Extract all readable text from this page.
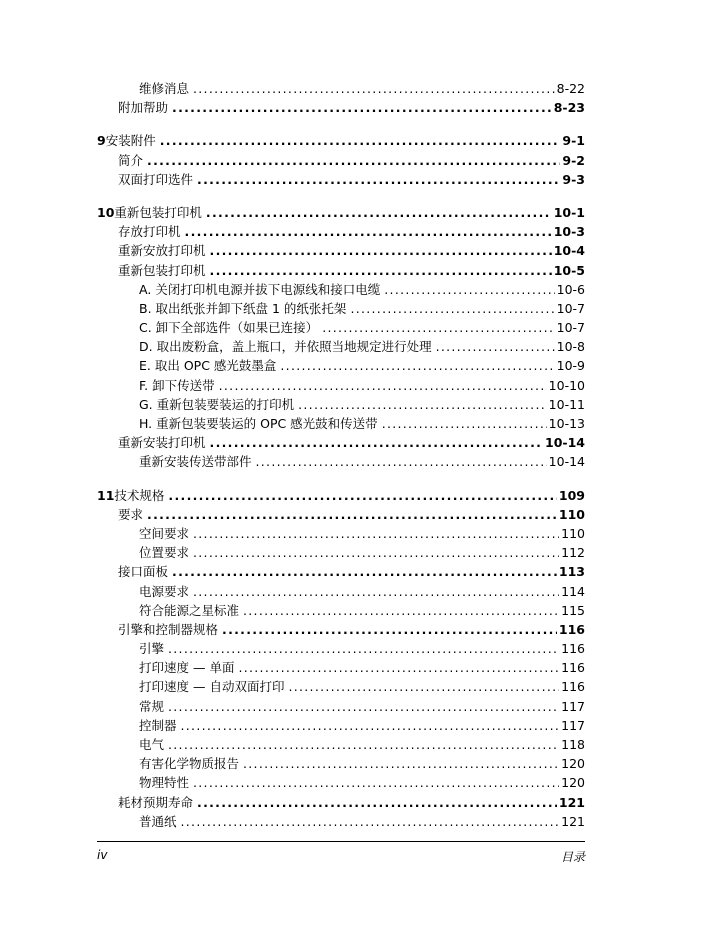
维修消息 .....	8-22
附加帮助 .....	8-23
9 安装附件 .....	9-1
简介 .....	9-2
双面打印选件 .....	9-3
10 重新包装打印机 .....	10-1
存放打印机 .....	10-3
重新安放打印机 .....	10-4
重新包装打印机 .....	10-5
A. 关闭打印机电源并拔下电源线和接口电缆 .....	10-6
B. 取出纸张并卸下纸盘 1 的纸张托架 .....	10-7
C. 卸下全部选件（如果已连接） .....	10-7
D. 取出废粉盒，盖上瓶口，并依照当地规定进行处理 .....	10-8
E. 取出 OPC 感光鼓墨盒 .....	10-9
F. 卸下传送带 .....	10-10
G. 重新包装要装运的打印机 .....	10-11
H. 重新包装要装运的 OPC 感光鼓和传送带 .....	10-13
重新安装打印机 .....	10-14
重新安装传送带部件 .....	10-14
11 技术规格 .....	109
要求 .....	110
空间要求 .....	110
位置要求 .....	112
接口面板 .....	113
电源要求 .....	114
符合能源之星标准 .....	115
引擎和控制器规格 .....	116
引擎 .....	116
打印速度 — 单面 .....	116
打印速度 — 自动双面打印 .....	116
常规 .....	117
控制器 .....	117
电气 .....	118
有害化学物质报告 .....	120
物理特性 .....	120
耗材预期寿命 .....	121
普通纸 .....	121
iv	目录
